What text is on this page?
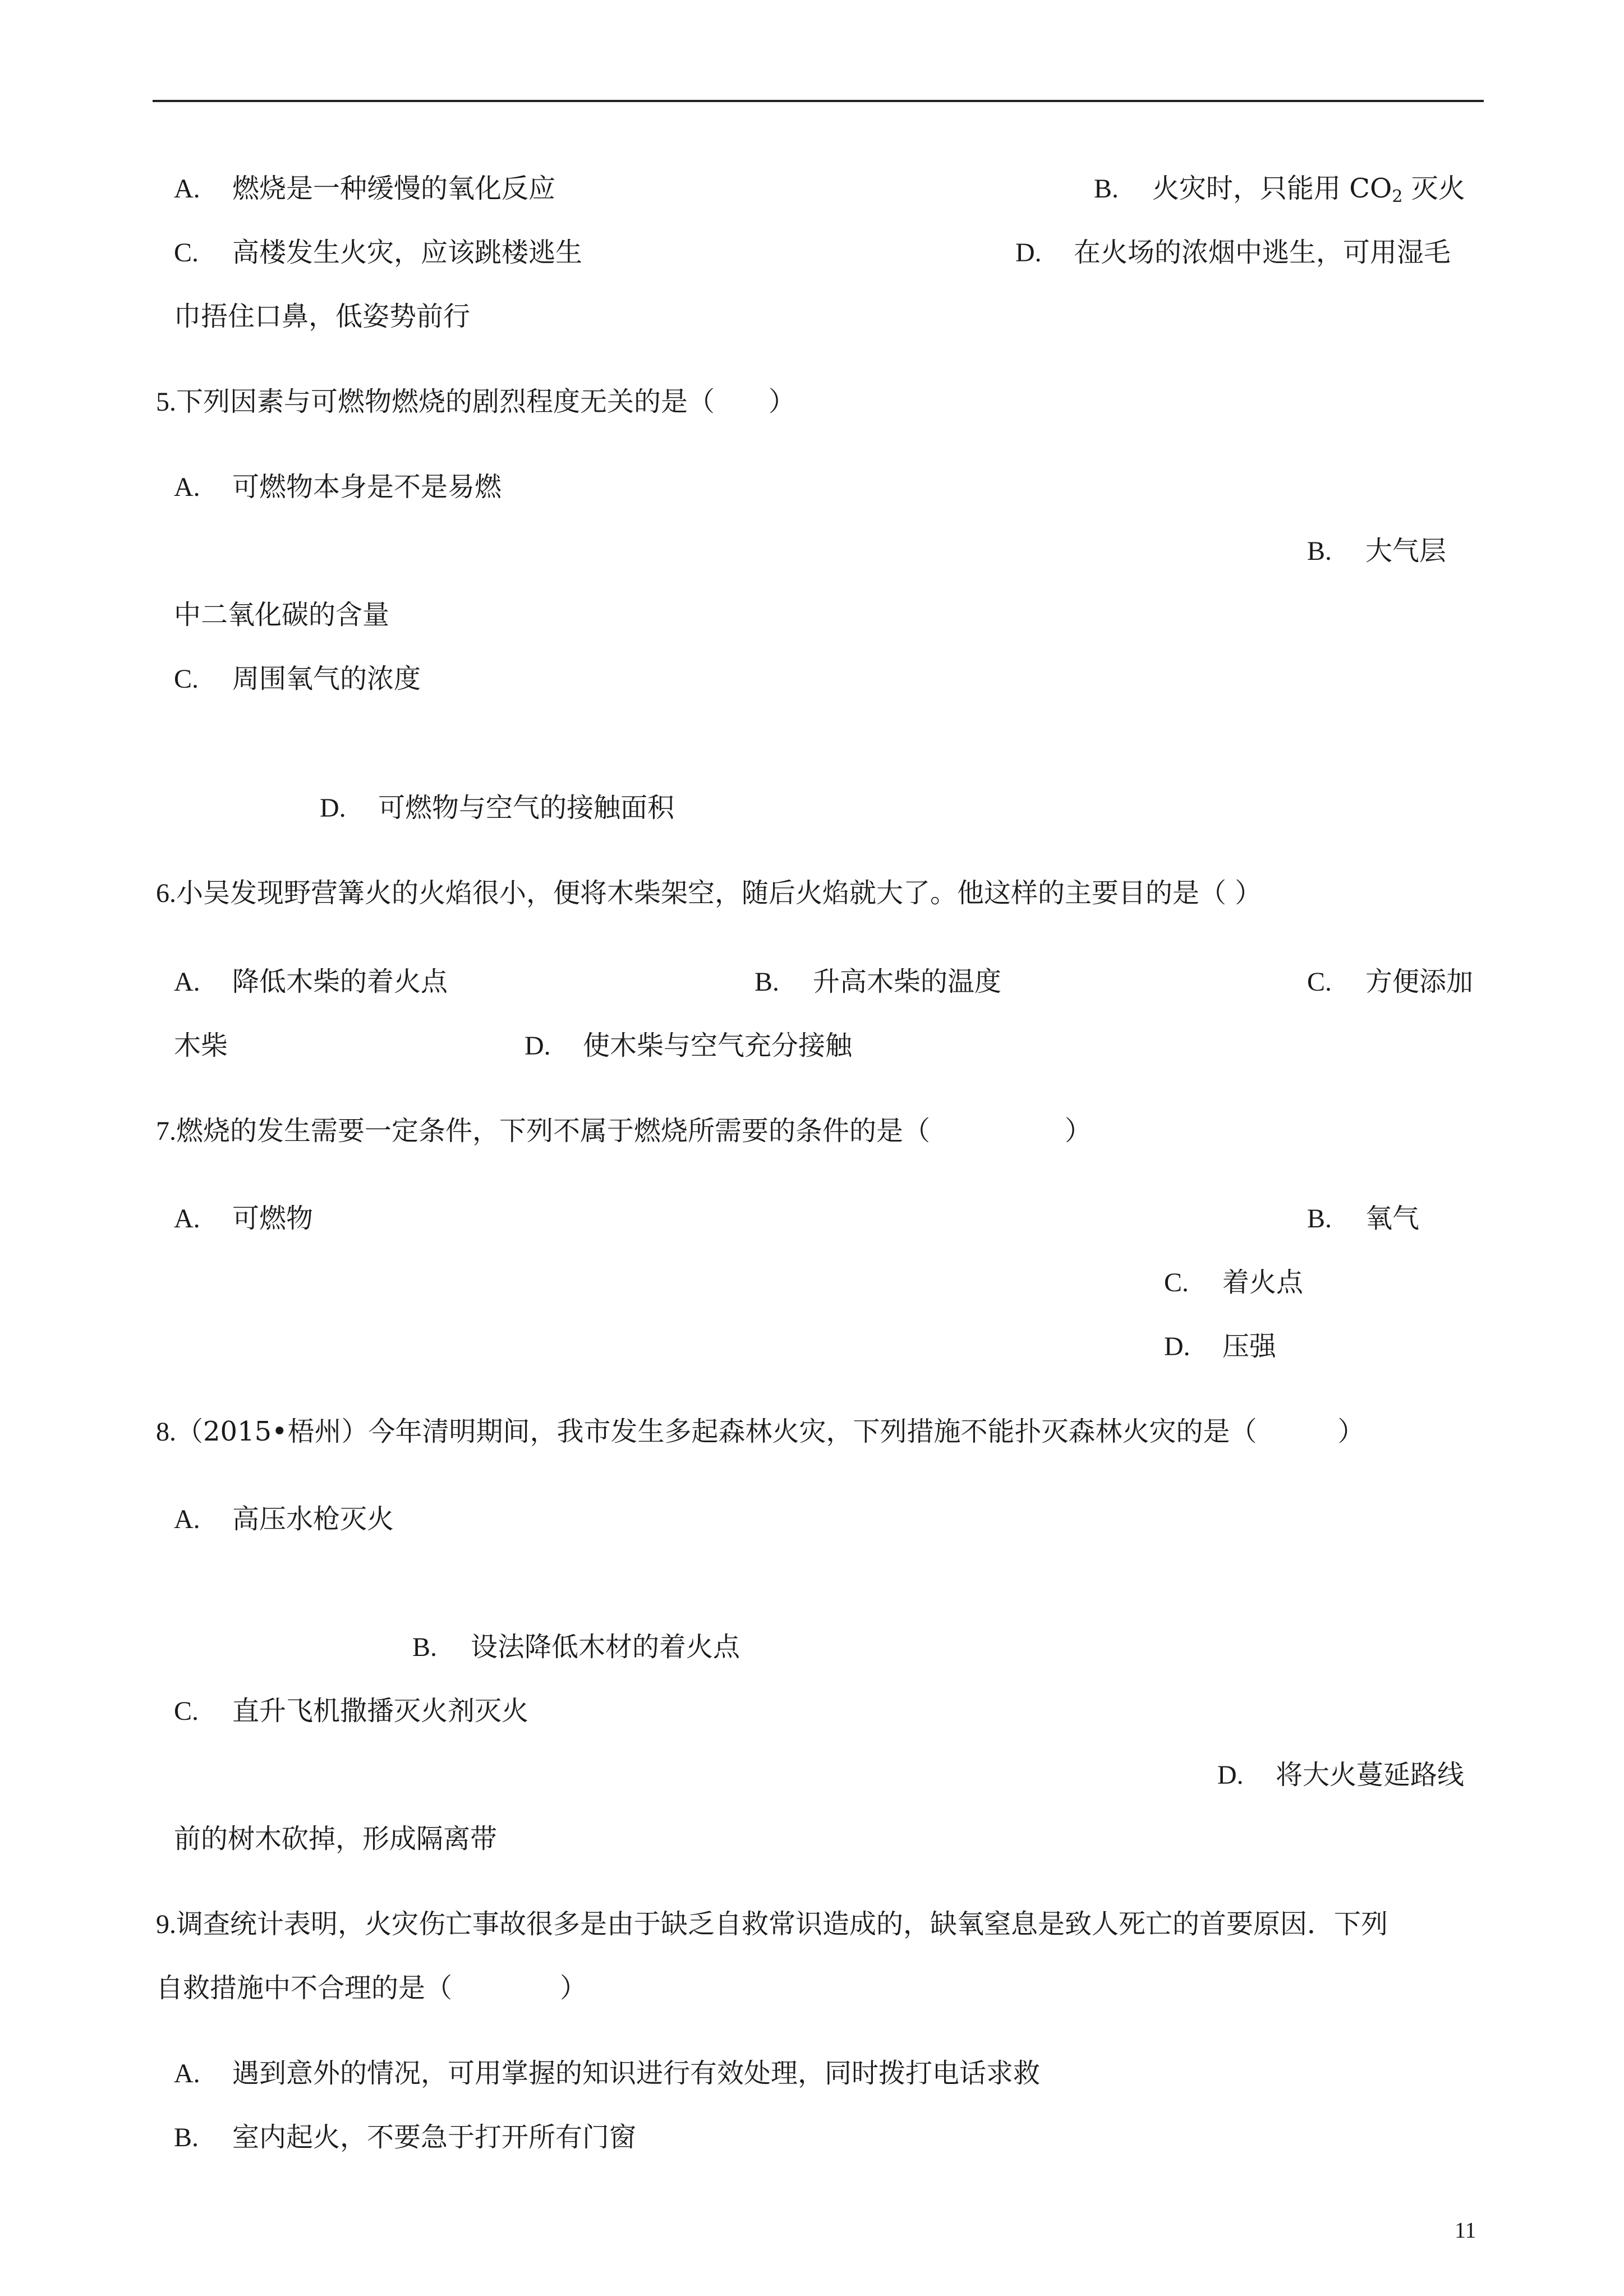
A. 燃烧是一种缓慢的氧化反应	B. 火灾时，只能用 $CO_2$ 灭火
C. 高楼发生火灾，应该跳楼逃生	D. 在火场的浓烟中逃生，可用湿毛
巾捂住口鼻，低姿势前行
5.下列因素与可燃物燃烧的剧烈程度无关的是（　　）
A. 可燃物本身是不是易燃
B. 大气层
中二氧化碳的含量
C. 周围氧气的浓度
D. 可燃物与空气的接触面积
6.小吴发现野营篝火的火焰很小，便将木柴架空，随后火焰就大了。他这样的主要目的是（ ）
A. 降低木柴的着火点	B. 升高木柴的温度	C. 方便添加
木柴	D. 使木柴与空气充分接触
7.燃烧的发生需要一定条件，下列不属于燃烧所需要的条件的是（　　　　　）
A. 可燃物	B. 氧气
C. 着火点
D. 压强
8.（2015•梧州）今年清明期间，我市发生多起森林火灾，下列措施不能扑灭森林火灾的是（　　　）
A. 高压水枪灭火
B. 设法降低木材的着火点
C. 直升飞机撒播灭火剂灭火
D. 将大火蔓延路线
前的树木砍掉，形成隔离带
9.调查统计表明，火灾伤亡事故很多是由于缺乏自救常识造成的，缺氧窒息是致人死亡的首要原因．下列
自救措施中不合理的是（　　　　）
A. 遇到意外的情况，可用掌握的知识进行有效处理，同时拨打电话求救
B. 室内起火，不要急于打开所有门窗
11
